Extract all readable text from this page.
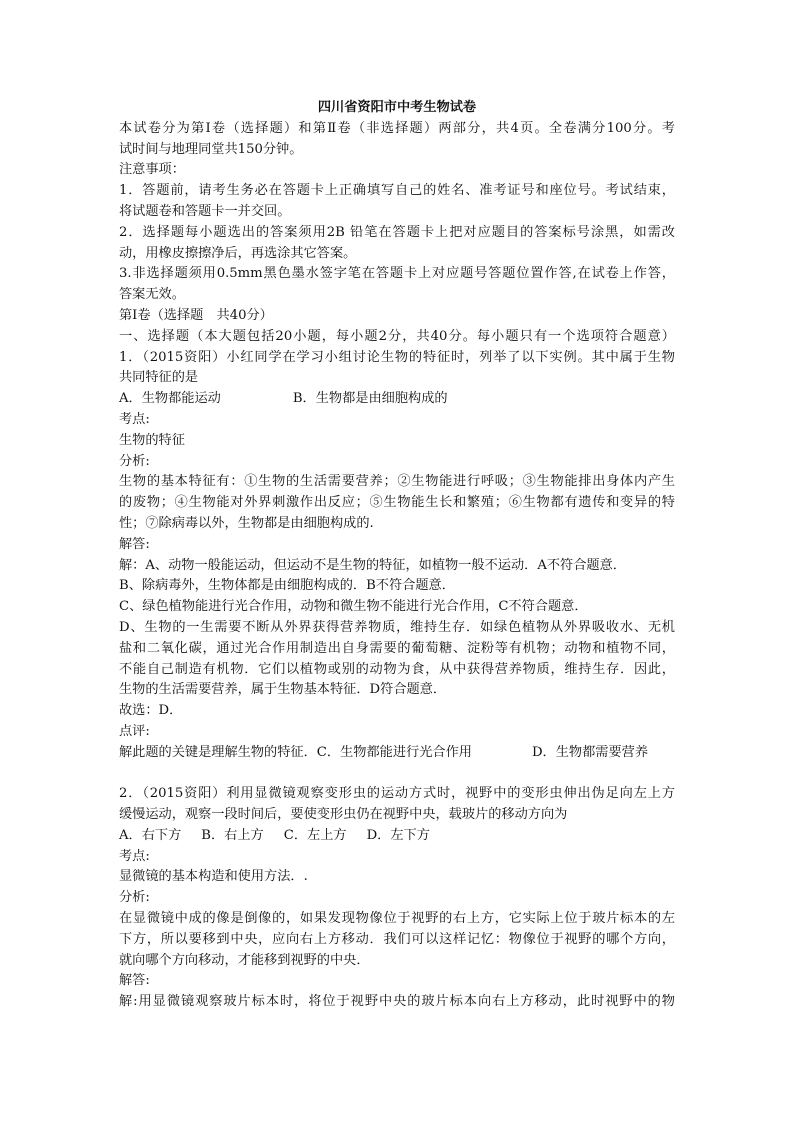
四川省资阳市中考生物试卷

本试卷分为第Ⅰ卷（选择题）和第Ⅱ卷（非选择题）两部分，共4页。全卷满分100分。考

试时间与地理同堂共150分钟。

注意事项：

1．答题前，请考生务必在答题卡上正确填写自己的姓名、准考证号和座位号。考试结束，

将试题卷和答题卡一并交回。

2．选择题每小题选出的答案须用2B 铅笔在答题卡上把对应题目的答案标号涂黑，如需改

动，用橡皮擦擦净后，再选涂其它答案。

3.非选择题须用0.5mm黑色墨水签字笔在答题卡上对应题号答题位置作答,在试卷上作答，

答案无效。

第Ⅰ卷（选择题　共40分）

一、选择题（本大题包括20小题，每小题2分，共40分。每小题只有一个选项符合题意）

1．（2015资阳）小红同学在学习小组讨论生物的特征时，列举了以下实例。其中属于生物

共同特征的是

A．生物都能运动	B．生物都是由细胞构成的

考点:

生物的特征

分析:

生物的基本特征有：①生物的生活需要营养；②生物能进行呼吸；③生物能排出身体内产生

的废物；④生物能对外界刺激作出反应；⑤生物能生长和繁殖；⑥生物都有遗传和变异的特

性；⑦除病毒以外，生物都是由细胞构成的.

解答:

解：A、动物一般能运动，但运动不是生物的特征，如植物一般不运动．A不符合题意．

B、除病毒外，生物体都是由细胞构成的．B不符合题意．

C、绿色植物能进行光合作用，动物和微生物不能进行光合作用，C不符合题意．

D、生物的一生需要不断从外界获得营养物质，维持生存．如绿色植物从外界吸收水、无机

盐和二氧化碳，通过光合作用制造出自身需要的葡萄糖、淀粉等有机物；动物和植物不同，

不能自己制造有机物．它们以植物或别的动物为食，从中获得营养物质，维持生存．因此，

生物的生活需要营养，属于生物基本特征．D符合题意．

故选：D．

点评:

解此题的关键是理解生物的特征．C．生物都能进行光合作用	D．生物都需要营养

2．（2015资阳）利用显微镜观察变形虫的运动方式时，视野中的变形虫伸出伪足向左上方

缓慢运动，观察一段时间后，要使变形虫仍在视野中央，载玻片的移动方向为

A．右下方 B．右上方 C．左上方 D．左下方

考点:

显微镜的基本构造和使用方法．.

分析:

在显微镜中成的像是倒像的，如果发现物像位于视野的右上方，它实际上位于玻片标本的左

下方，所以要移到中央，应向右上方移动．我们可以这样记忆：物像位于视野的哪个方向，

就向哪个方向移动，才能移到视野的中央．

解答:

解:用显微镜观察玻片标本时，将位于视野中央的玻片标本向右上方移动，此时视野中的物
